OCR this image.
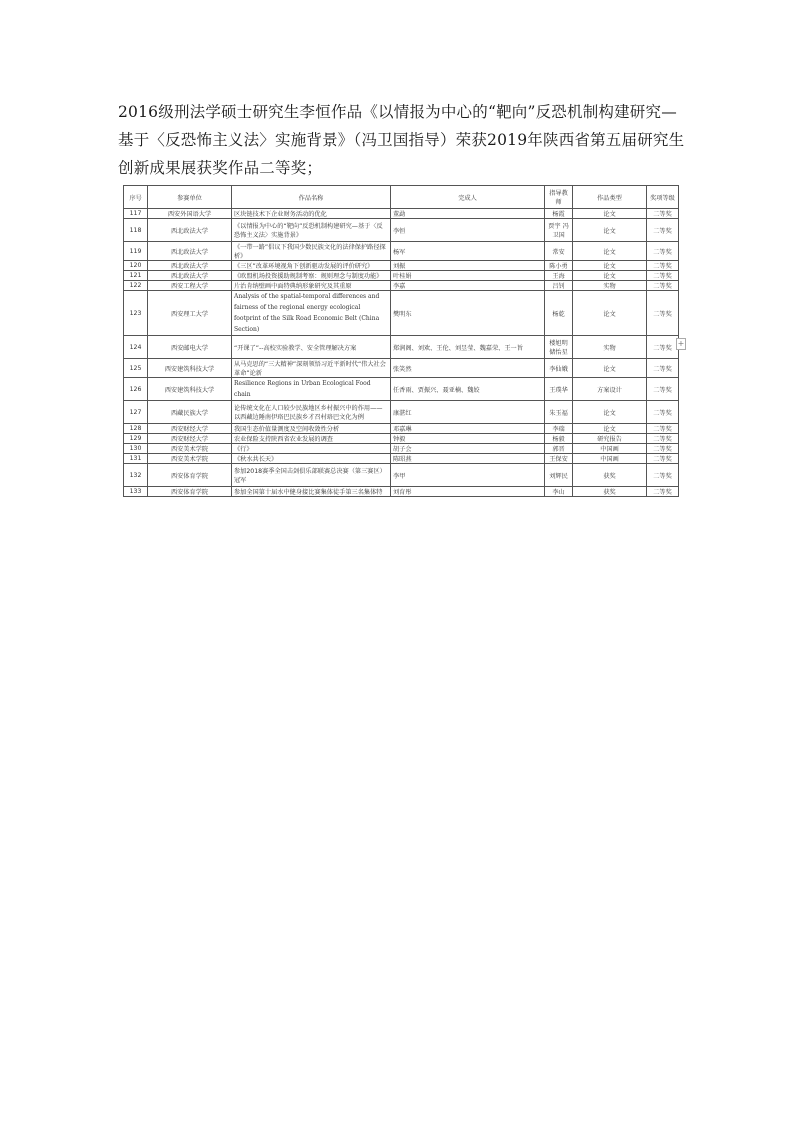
2016级刑法学硕士研究生李恒作品《以情报为中心的“靶向”反恐机制构建研究—基于〈反恐怖主义法〉实施背景》（冯卫国指导）荣获2019年陕西省第五届研究生创新成果展获奖作品二等奖；
序号	参赛单位	作品名称	完成人	指导教师	作品类型	奖项等级
117	西安外国语大学	区块链技术下企业财务活动的优化	董勐	杨霞	论文	二等奖
118	西北政法大学	《以情报为中心的“靶向”反恐机制构建研究—基于〈反恐怖主义法〉实施背景》	李恒	贾宇 冯卫国	论文	二等奖
119	西北政法大学	《一带一路”倡议下我国少数民族文化的法律保护路径探析》	杨军	常安	论文	二等奖
120	西北政法大学	《三区”改革环境视角下创新驱动发展的评价研究》	刘振	陈小勇	论文	二等奖
121	西北政法大学	《欧盟机场投资援助规制考察：规则理念与制度功能》	叶桂娟	王海	论文	二等奖
122	西安工程大学	片治肯纳壁画中面特典纳形象研究及其重原	李嘉	吕钊	实物	二等奖
123	西安理工大学	Analysis of the spatial-temporal differences and fairness of the regional energy ecological footprint of the Silk Road Economic Belt (China Section)	樊明东	杨乾	论文	二等奖
124	西安邮电大学	“开课了”--高校实验教学、安全管理解决方案	郑润阁、刘欢、王伦、刘昱莹、魏嘉荣、王一旨	楼旭明 储怡星	实物	二等奖
125	西安建筑科技大学	从马克思的“三大精神”深刻领悟习近平新时代“伟大社会革命”论新	张笑然	李仙娥	论文	二等奖
126	西安建筑科技大学	Resilience Regions in Urban Ecological Food chain	任香雨、贾振兴、聂亚楠、魏姣	王璞华	方案设计	二等奖
127	西藏民族大学	论传统文化在人口较少民族地区乡村振兴中的作用——以西藏边陲南伊珞巴民族乡才召村珞巴文化为例	康湛红	朱玉福	论文	二等奖
128	西安财经大学	我国生态价值量测度及空间收敛性分析	邓嘉琳	李瑞	论文	二等奖
129	西安财经大学	农业保险支持陕西省农业发展的调查	钟毅	杨毅	研究报告	二等奖
130	西安美术学院	《行》	胡子会	郭晋	中国画	二等奖
131	西安美术学院	《秋水共长天》	陈昭燕	王保安	中国画	二等奖
132	西安体育学院	参加2018赛季全国击剑俱乐部联赛总决赛（第三赛区）冠军	李甲	刘辉民	获奖	二等奖
133	西安体育学院	参加全国第十届水中健身接比赛集体徒手第三名集体特	刘育彤	李山	获奖	二等奖
+
